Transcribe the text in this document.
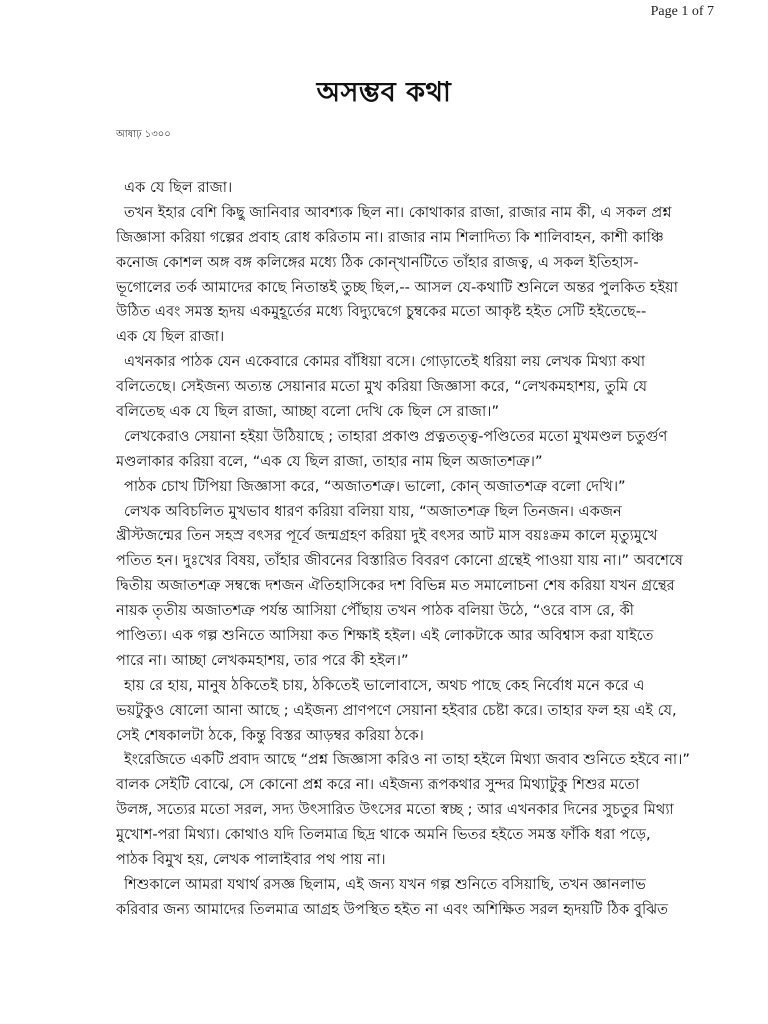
Page 1 of 7
অসম্ভব কথা
আষাঢ় ১৩০০
এক যে ছিল রাজা।
তখন ইহার বেশি কিছু জানিবার আবশ্যক ছিল না। কোথাকার রাজা, রাজার নাম কী, এ সকল প্রশ্ন
জিজ্ঞাসা করিয়া গল্পের প্রবাহ রোধ করিতাম না। রাজার নাম শিলাদিত্য কি শালিবাহন, কাশী কাঞ্চি
কনোজ কোশল অঙ্গ বঙ্গ কলিঙ্গের মধ্যে ঠিক কোন্‌খানটিতে তাঁহার রাজত্ব, এ সকল ইতিহাস-
ভূগোলের তর্ক আমাদের কাছে নিতান্তই তুচ্ছ ছিল,-- আসল যে-কথাটি শুনিলে অন্তর পুলকিত হইয়া
উঠিত এবং সমস্ত হৃদয় একমুহূর্তের মধ্যে বিদ্যুদ্বেগে চুম্বকের মতো আকৃষ্ট হইত সেটি হইতেছে--
এক যে ছিল রাজা।
এখনকার পাঠক যেন একেবারে কোমর বাঁধিয়া বসে। গোড়াতেই ধরিয়া লয় লেখক মিথ্যা কথা
বলিতেছে। সেইজন্য অত্যন্ত সেয়ানার মতো মুখ করিয়া জিজ্ঞাসা করে, “লেখকমহাশয়, তুমি যে
বলিতেছ এক যে ছিল রাজা, আচ্ছা বলো দেখি কে ছিল সে রাজা।”
লেখকেরাও সেয়ানা হইয়া উঠিয়াছে ; তাহারা প্রকাণ্ড প্রত্নতত্ত্ব-পণ্ডিতের মতো মুখমণ্ডল চতুর্গুণ
মণ্ডলাকার করিয়া বলে, “এক যে ছিল রাজা, তাহার নাম ছিল অজাতশত্রু।”
পাঠক চোখ টিপিয়া জিজ্ঞাসা করে, “অজাতশত্রু। ভালো, কোন্‌ অজাতশত্রু বলো দেখি।”
লেখক অবিচলিত মুখভাব ধারণ করিয়া বলিয়া যায়, “অজাতশত্রু ছিল তিনজন। একজন
খ্রীস্টজন্মের তিন সহস্র বৎসর পূর্বে জন্মগ্রহণ করিয়া দুই বৎসর আট মাস বয়ঃক্রম কালে মৃত্যুমুখে
পতিত হন। দুঃখের বিষয়, তাঁহার জীবনের বিস্তারিত বিবরণ কোনো গ্রন্থেই পাওয়া যায় না।” অবশেষে
দ্বিতীয় অজাতশত্রু সম্বন্ধে দশজন ঐতিহাসিকের দশ বিভিন্ন মত সমালোচনা শেষ করিয়া যখন গ্রন্থের
নায়ক তৃতীয় অজাতশত্রু পর্যন্ত আসিয়া পৌঁছায় তখন পাঠক বলিয়া উঠে, “ওরে বাস রে, কী
পাণ্ডিত্য। এক গল্প শুনিতে আসিয়া কত শিক্ষাই হইল। এই লোকটাকে আর অবিশ্বাস করা যাইতে
পারে না। আচ্ছা লেখকমহাশয়, তার পরে কী হইল।”
হায় রে হায়, মানুষ ঠকিতেই চায়, ঠকিতেই ভালোবাসে, অথচ পাছে কেহ নির্বোধ মনে করে এ
ভয়টুকুও ষোলো আনা আছে ; এইজন্য প্রাণপণে সেয়ানা হইবার চেষ্টা করে। তাহার ফল হয় এই যে,
সেই শেষকালটা ঠকে, কিন্তু বিস্তর আড়ম্বর করিয়া ঠকে।
ইংরেজিতে একটি প্রবাদ আছে “প্রশ্ন জিজ্ঞাসা করিও না তাহা হইলে মিথ্যা জবাব শুনিতে হইবে না।”
বালক সেইটি বোঝে, সে কোনো প্রশ্ন করে না। এইজন্য রূপকথার সুন্দর মিথ্যাটুকু শিশুর মতো
উলঙ্গ, সত্যের মতো সরল, সদ্য উৎসারিত উৎসের মতো স্বচ্ছ ; আর এখনকার দিনের সুচতুর মিথ্যা
মুখোশ-পরা মিথ্যা। কোথাও যদি তিলমাত্র ছিদ্র থাকে অমনি ভিতর হইতে সমস্ত ফাঁকি ধরা পড়ে,
পাঠক বিমুখ হয়, লেখক পালাইবার পথ পায় না।
শিশুকালে আমরা যথার্থ রসজ্ঞ ছিলাম, এই জন্য যখন গল্প শুনিতে বসিয়াছি, তখন জ্ঞানলাভ
করিবার জন্য আমাদের তিলমাত্র আগ্রহ উপস্থিত হইত না এবং অশিক্ষিত সরল হৃদয়টি ঠিক বুঝিত
